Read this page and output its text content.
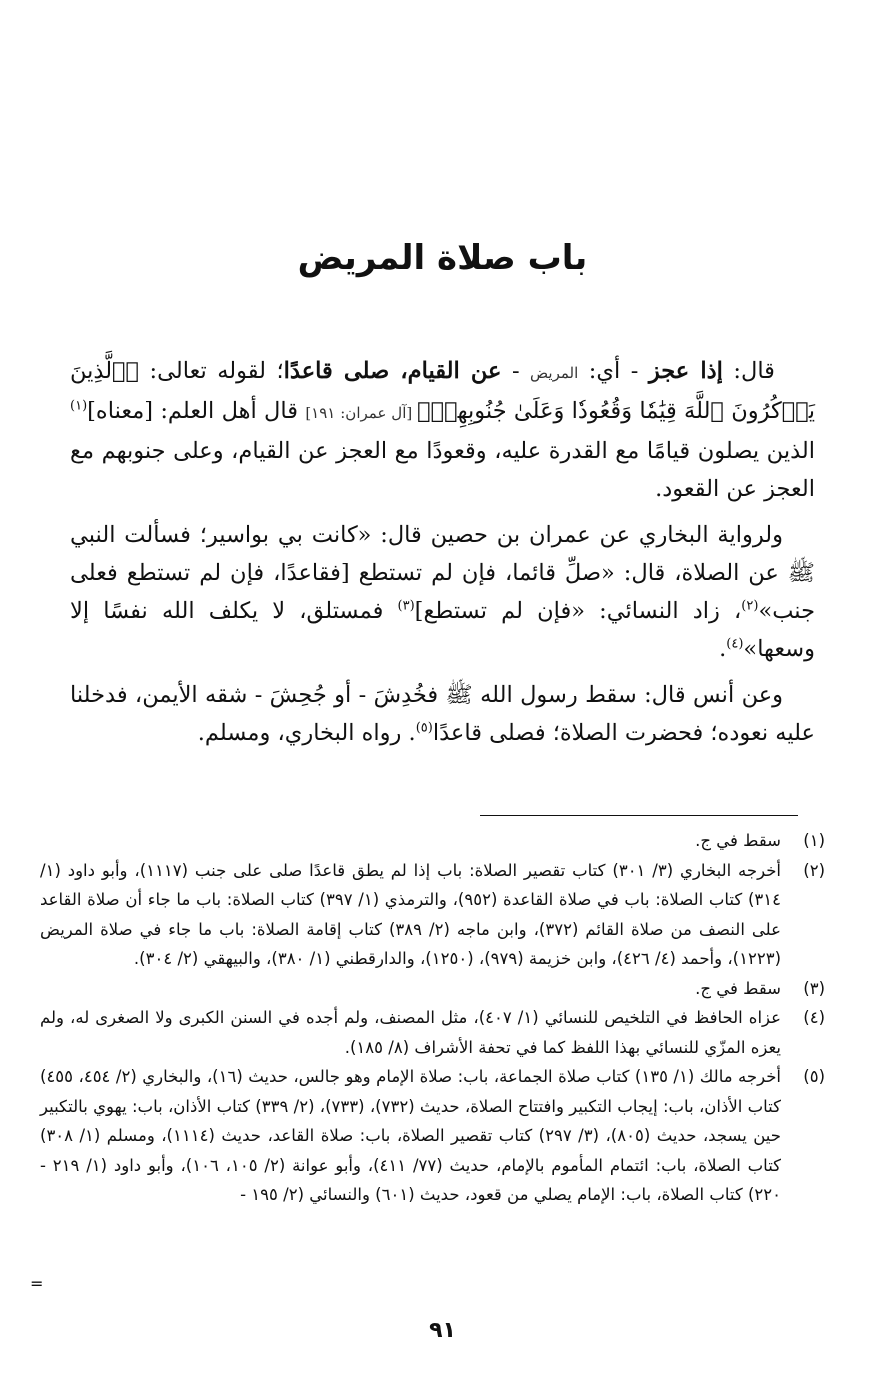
باب صلاة المريض

قال: إذا عجز - أي: المريض - عن القيام، صلى قاعدًا؛ لقوله تعالى: ﴿ٱلَّذِينَ يَذۡكُرُونَ ٱللَّهَ قِيَٰمٗا وَقُعُودٗا وَعَلَىٰ جُنُوبِهِمۡ﴾ [آل عمران: ١٩١] قال أهل العلم: [معناه]$^{(١)}$ الذين يصلون قيامًا مع القدرة عليه، وقعودًا مع العجز عن القيام، وعلى جنوبهم مع العجز عن القعود.

ولرواية البخاري عن عمران بن حصين قال: «كانت بي بواسير؛ فسألت النبي ﷺ عن الصلاة، قال: «صلِّ قائما، فإن لم تستطع [فقاعدًا، فإن لم تستطع فعلى جنب»$^{(٢)}$، زاد النسائي: «فإن لم تستطع]$^{(٣)}$ فمستلق، لا يكلف الله نفسًا إلا وسعها»$^{(٤)}$.

وعن أنس قال: سقط رسول الله ﷺ فخُدِشَ - أو جُحِشَ - شقه الأيمن، فدخلنا عليه نعوده؛ فحضرت الصلاة؛ فصلى قاعدًا$^{(٥)}$. رواه البخاري، ومسلم.

(١)
سقط في ج.
(٢)
أخرجه البخاري (٣/ ٣٠١) كتاب تقصير الصلاة: باب إذا لم يطق قاعدًا صلى على جنب (١١١٧)، وأبو داود (١/ ٣١٤) كتاب الصلاة: باب في صلاة القاعدة (٩٥٢)، والترمذي (١/ ٣٩٧) كتاب الصلاة: باب ما جاء أن صلاة القاعد على النصف من صلاة القائم (٣٧٢)، وابن ماجه (٢/ ٣٨٩) كتاب إقامة الصلاة: باب ما جاء في صلاة المريض (١٢٢٣)، وأحمد (٤/ ٤٢٦)، وابن خزيمة (٩٧٩)، (١٢٥٠)، والدارقطني (١/ ٣٨٠)، والبيهقي (٢/ ٣٠٤).
(٣)
سقط في ج.
(٤)
عزاه الحافظ في التلخيص للنسائي (١/ ٤٠٧)، مثل المصنف، ولم أجده في السنن الكبرى ولا الصغرى له، ولم يعزه المزّي للنسائي بهذا اللفظ كما في تحفة الأشراف (٨/ ١٨٥).
(٥)
أخرجه مالك (١/ ١٣٥) كتاب صلاة الجماعة، باب: صلاة الإمام وهو جالس، حديث (١٦)، والبخاري (٢/ ٤٥٤، ٤٥٥) كتاب الأذان، باب: إيجاب التكبير وافتتاح الصلاة، حديث (٧٣٢)، (٧٣٣)، (٢/ ٣٣٩) كتاب الأذان، باب: يهوي بالتكبير حين يسجد، حديث (٨٠٥)، (٣/ ٢٩٧) كتاب تقصير الصلاة، باب: صلاة القاعد، حديث (١١١٤)، ومسلم (١/ ٣٠٨) كتاب الصلاة، باب: ائتمام المأموم بالإمام، حديث (٧٧/ ٤١١)، وأبو عوانة (٢/ ١٠٥، ١٠٦)، وأبو داود (١/ ٢١٩ - ٢٢٠) كتاب الصلاة، باب: الإمام يصلي من قعود، حديث (٦٠١) والنسائي (٢/ ١٩٥ -
=
٩١
